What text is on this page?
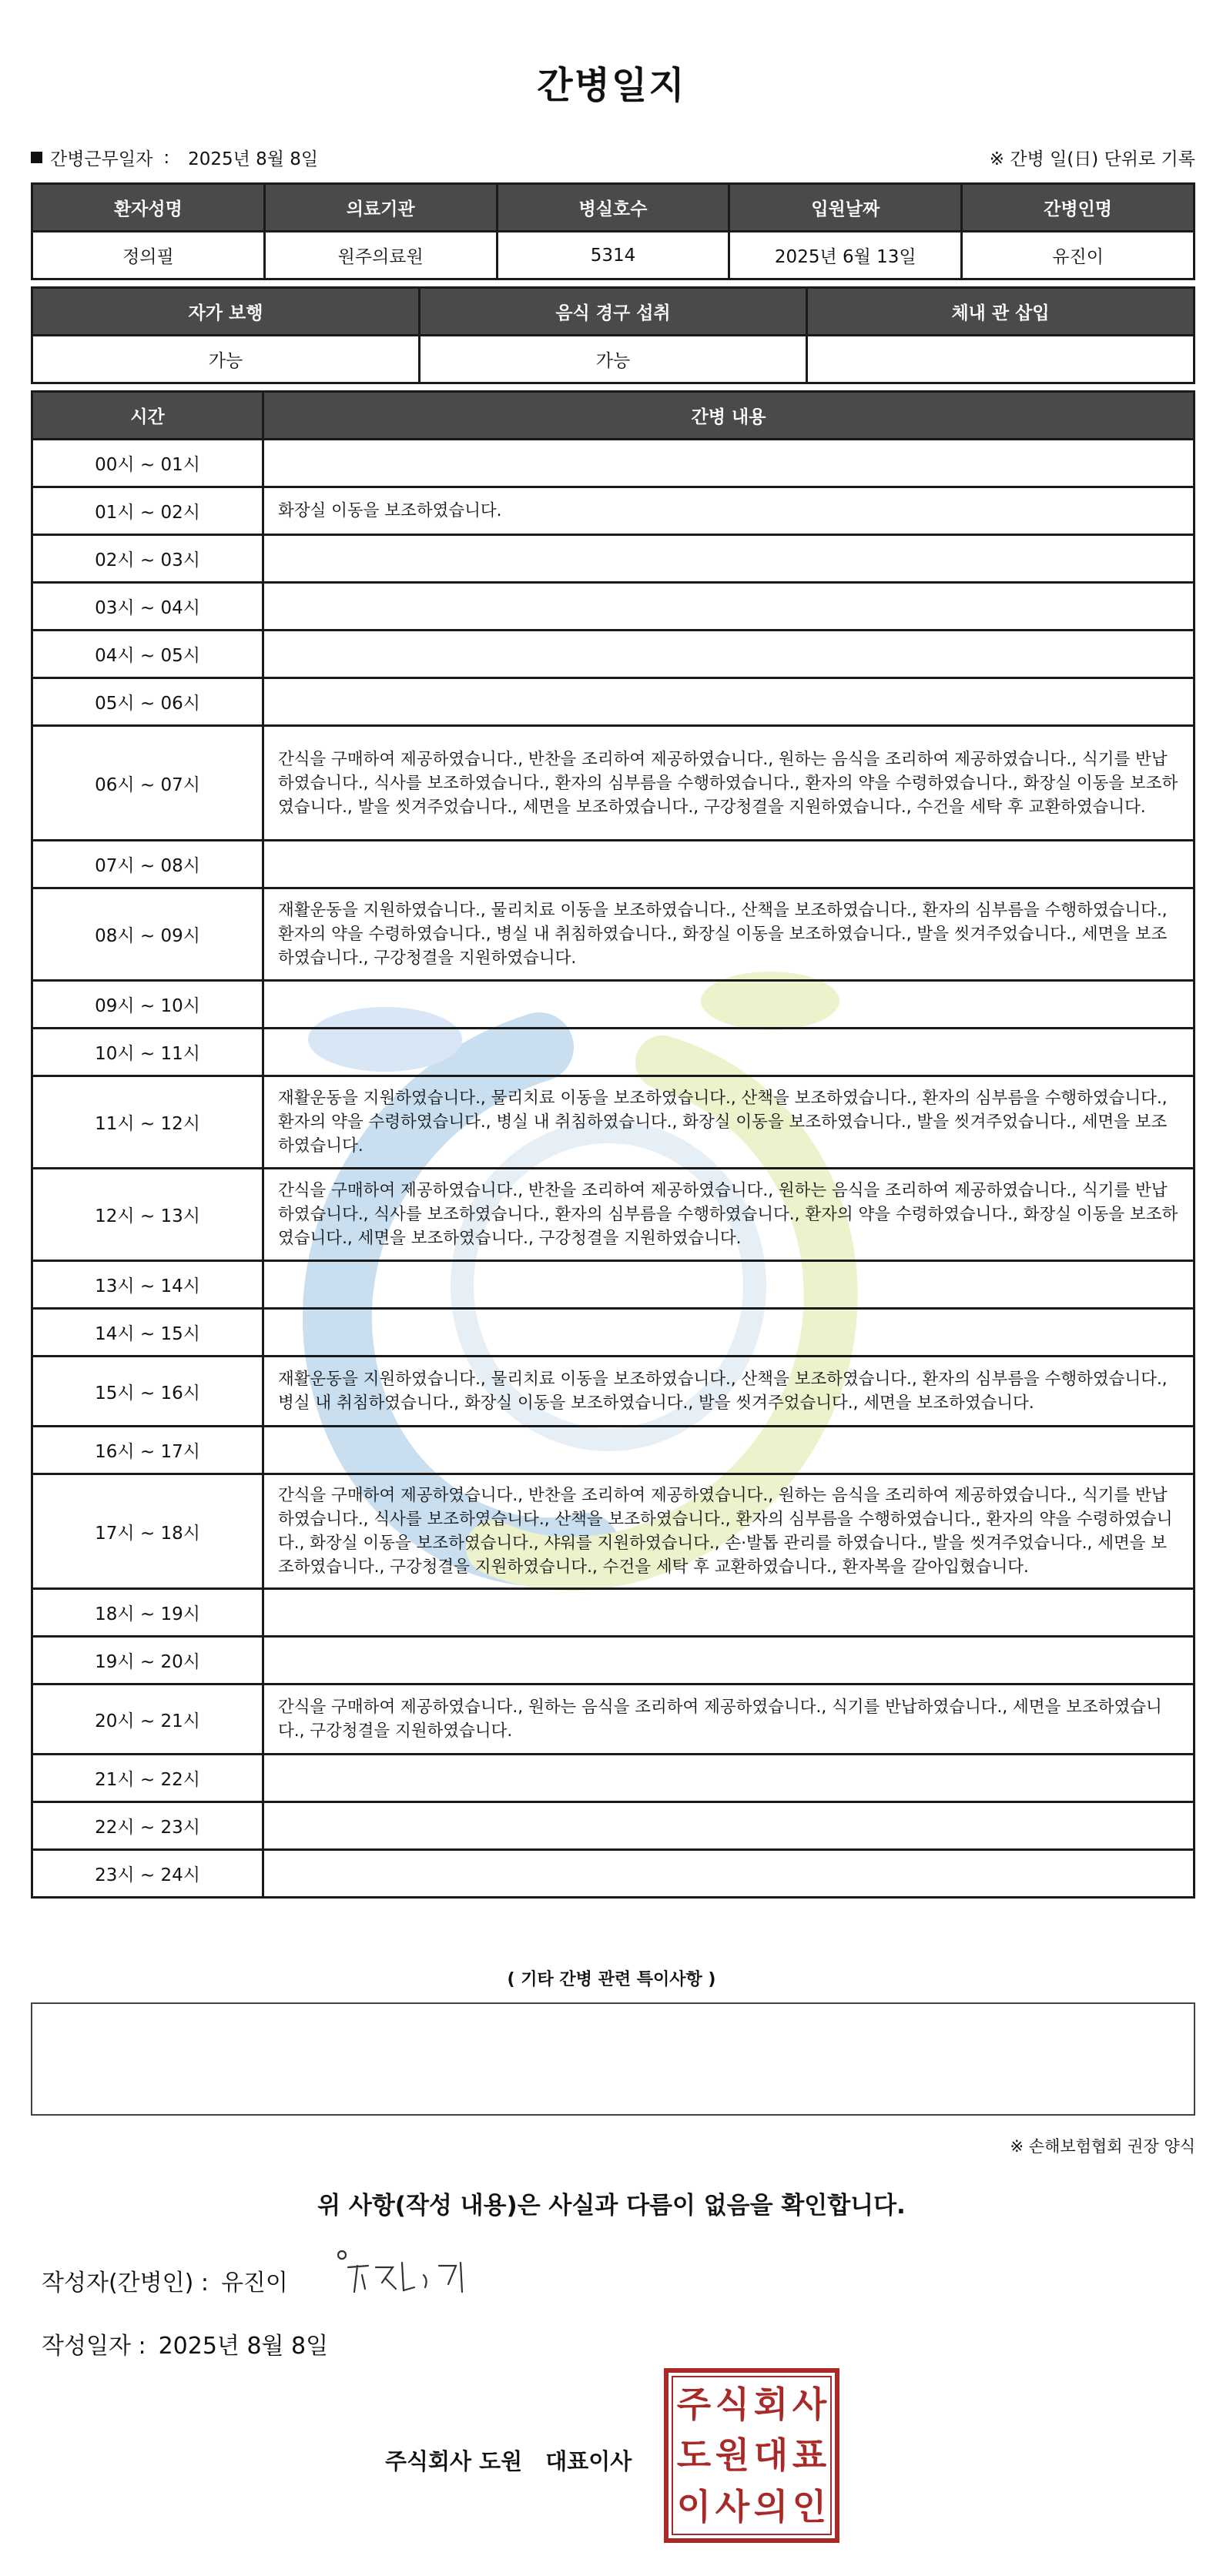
간병일지
간병근무일자 : 2025년 8월 8일	※ 간병 일(日) 단위로 기록
환자성명	의료기관	병실호수	입원날짜	간병인명
정의필	원주의료원	5314	2025년 6월 13일	유진이
자가 보행	음식 경구 섭취	체내 관 삽입
가능	가능	
시간	간병 내용
00시 ~ 01시	
01시 ~ 02시	화장실 이동을 보조하였습니다.
02시 ~ 03시	
03시 ~ 04시	
04시 ~ 05시	
05시 ~ 06시	
06시 ~ 07시	간식을 구매하여 제공하였습니다., 반찬을 조리하여 제공하였습니다., 원하는 음식을 조리하여 제공하였습니다., 식기를 반납하였습니다., 식사를 보조하였습니다., 환자의 심부름을 수행하였습니다., 환자의 약을 수령하였습니다., 화장실 이동을 보조하였습니다., 발을 씻겨주었습니다., 세면을 보조하였습니다., 구강청결을 지원하였습니다., 수건을 세탁 후 교환하였습니다.
07시 ~ 08시	
08시 ~ 09시	재활운동을 지원하였습니다., 물리치료 이동을 보조하였습니다., 산책을 보조하였습니다., 환자의 심부름을 수행하였습니다., 환자의 약을 수령하였습니다., 병실 내 취침하였습니다., 화장실 이동을 보조하였습니다., 발을 씻겨주었습니다., 세면을 보조하였습니다., 구강청결을 지원하였습니다.
09시 ~ 10시	
10시 ~ 11시	
11시 ~ 12시	재활운동을 지원하였습니다., 물리치료 이동을 보조하였습니다., 산책을 보조하였습니다., 환자의 심부름을 수행하였습니다., 환자의 약을 수령하였습니다., 병실 내 취침하였습니다., 화장실 이동을 보조하였습니다., 발을 씻겨주었습니다., 세면을 보조하였습니다.
12시 ~ 13시	간식을 구매하여 제공하였습니다., 반찬을 조리하여 제공하였습니다., 원하는 음식을 조리하여 제공하였습니다., 식기를 반납하였습니다., 식사를 보조하였습니다., 환자의 심부름을 수행하였습니다., 환자의 약을 수령하였습니다., 화장실 이동을 보조하였습니다., 세면을 보조하였습니다., 구강청결을 지원하였습니다.
13시 ~ 14시	
14시 ~ 15시	
15시 ~ 16시	재활운동을 지원하였습니다., 물리치료 이동을 보조하였습니다., 산책을 보조하였습니다., 환자의 심부름을 수행하였습니다., 병실 내 취침하였습니다., 화장실 이동을 보조하였습니다., 발을 씻겨주었습니다., 세면을 보조하였습니다.
16시 ~ 17시	
17시 ~ 18시	간식을 구매하여 제공하였습니다., 반찬을 조리하여 제공하였습니다., 원하는 음식을 조리하여 제공하였습니다., 식기를 반납하였습니다., 식사를 보조하였습니다., 산책을 보조하였습니다., 환자의 심부름을 수행하였습니다., 환자의 약을 수령하였습니다., 화장실 이동을 보조하였습니다., 샤워를 지원하였습니다., 손·발톱 관리를 하였습니다., 발을 씻겨주었습니다., 세면을 보조하였습니다., 구강청결을 지원하였습니다., 수건을 세탁 후 교환하였습니다., 환자복을 갈아입혔습니다.
18시 ~ 19시	
19시 ~ 20시	
20시 ~ 21시	간식을 구매하여 제공하였습니다., 원하는 음식을 조리하여 제공하였습니다., 식기를 반납하였습니다., 세면을 보조하였습니다., 구강청결을 지원하였습니다.
21시 ~ 22시	
22시 ~ 23시	
23시 ~ 24시	
( 기타 간병 관련 특이사항 )
※ 손해보험협회 권장 양식
위 사항(작성 내용)은 사실과 다름이 없음을 확인합니다.
작성자(간병인) : 유진이
작성일자 : 2025년 8월 8일
주식회사 도원 대표이사
주 식 회 사
도 원 대 표
이 사 의 인
